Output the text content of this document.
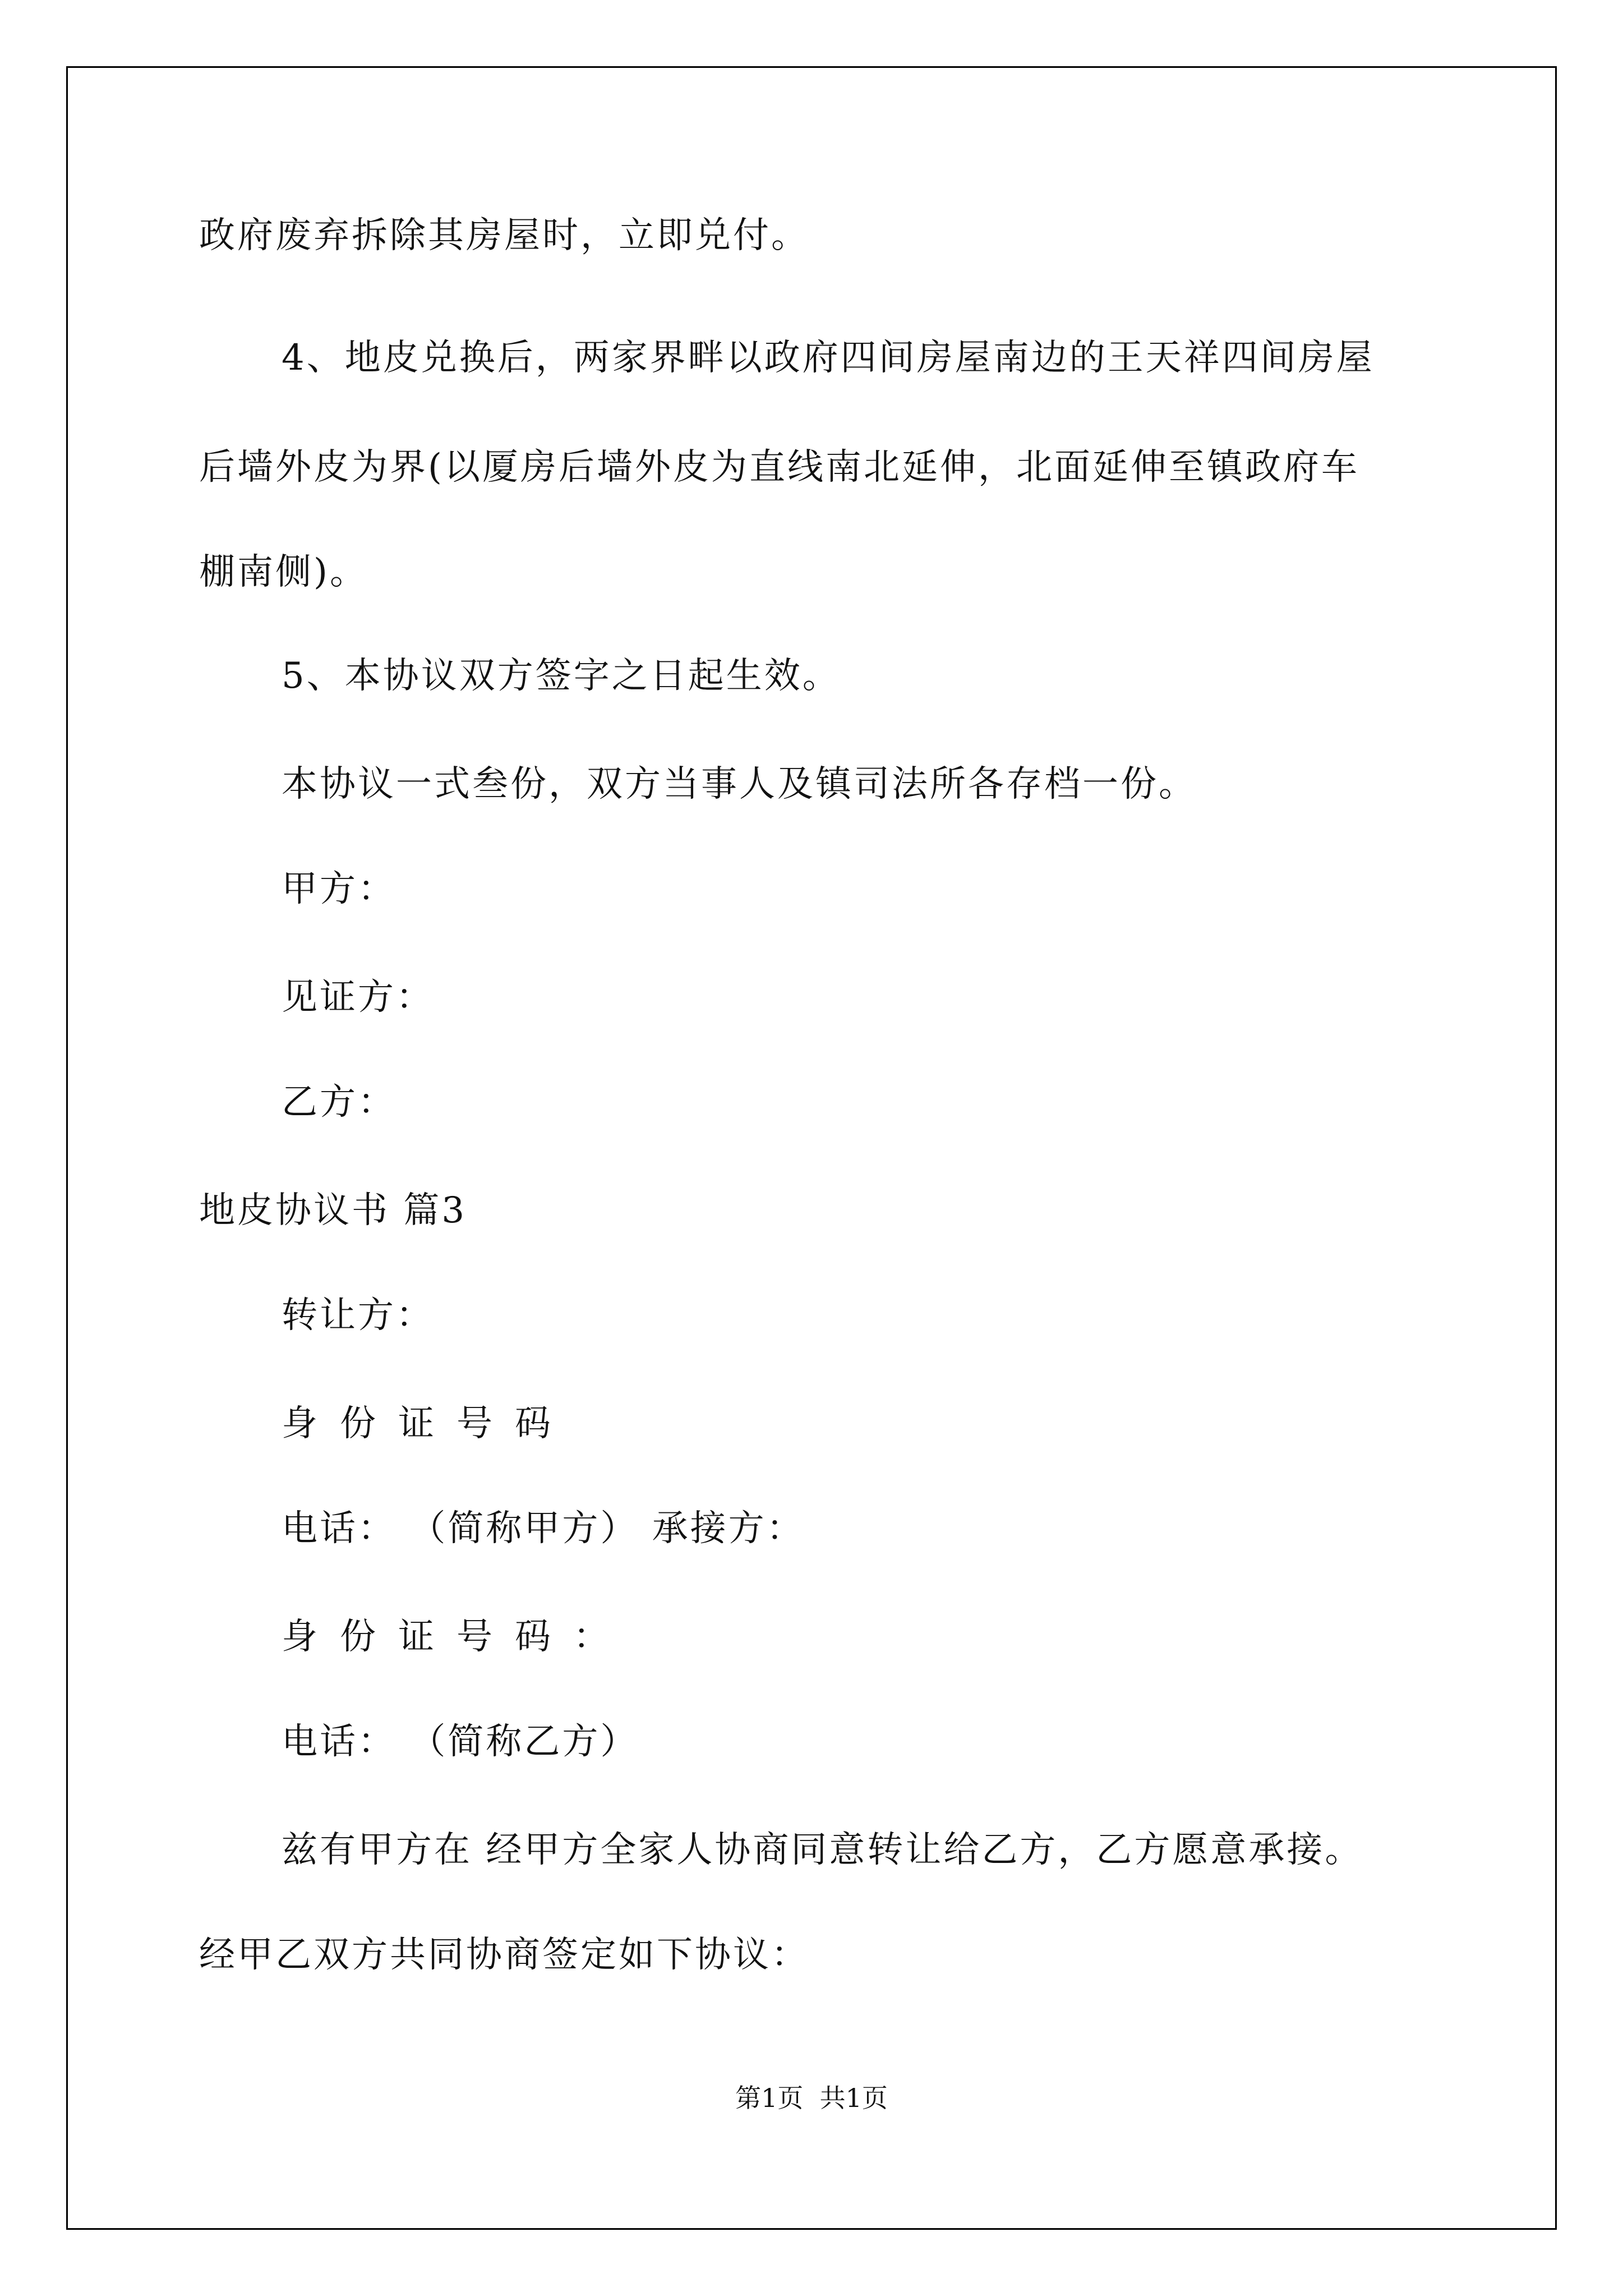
政府废弃拆除其房屋时，立即兑付。
4、地皮兑换后，两家界畔以政府四间房屋南边的王天祥四间房屋
后墙外皮为界(以厦房后墙外皮为直线南北延伸，北面延伸至镇政府车
棚南侧)。
5、本协议双方签字之日起生效。
本协议一式叁份，双方当事人及镇司法所各存档一份。
甲方：
见证方：
乙方：
地皮协议书 篇3
转让方：
身份证号码
电话： （简称甲方） 承接方：
身份证号码：
电话： （简称乙方）
兹有甲方在 经甲方全家人协商同意转让给乙方，乙方愿意承接。
经甲乙双方共同协商签定如下协议：
第1页  共1页
